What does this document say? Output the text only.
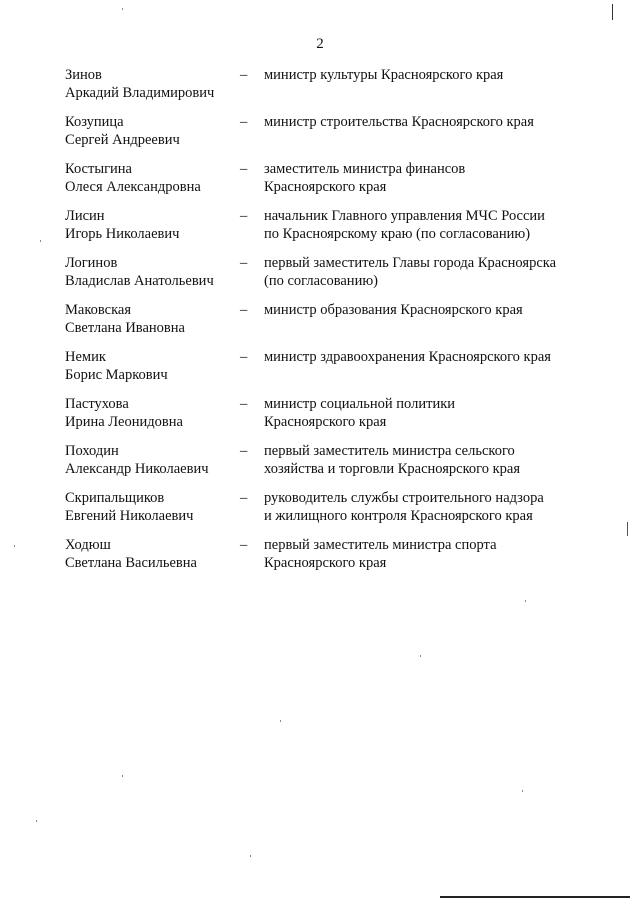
2
Зинов
Аркадий Владимирович
–	министр культуры Красноярского края
Козупица
Сергей Андреевич
–	министр строительства Красноярского края
Костыгина
Олеся Александровна
–	заместитель министра финансов
Красноярского края
Лисин
Игорь Николаевич
–	начальник Главного управления МЧС России
по Красноярскому краю (по согласованию)
Логинов
Владислав Анатольевич
–	первый заместитель Главы города Красноярска
(по согласованию)
Маковская
Светлана Ивановна
–	министр образования Красноярского края
Немик
Борис Маркович
–	министр здравоохранения Красноярского края
Пастухова
Ирина Леонидовна
–	министр социальной политики
Красноярского края
Походин
Александр Николаевич
–	первый заместитель министра сельского
хозяйства и торговли Красноярского края
Скрипальщиков
Евгений Николаевич
–	руководитель службы строительного надзора
и жилищного контроля Красноярского края
Ходюш
Светлана Васильевна
–	первый заместитель министра спорта
Красноярского края
